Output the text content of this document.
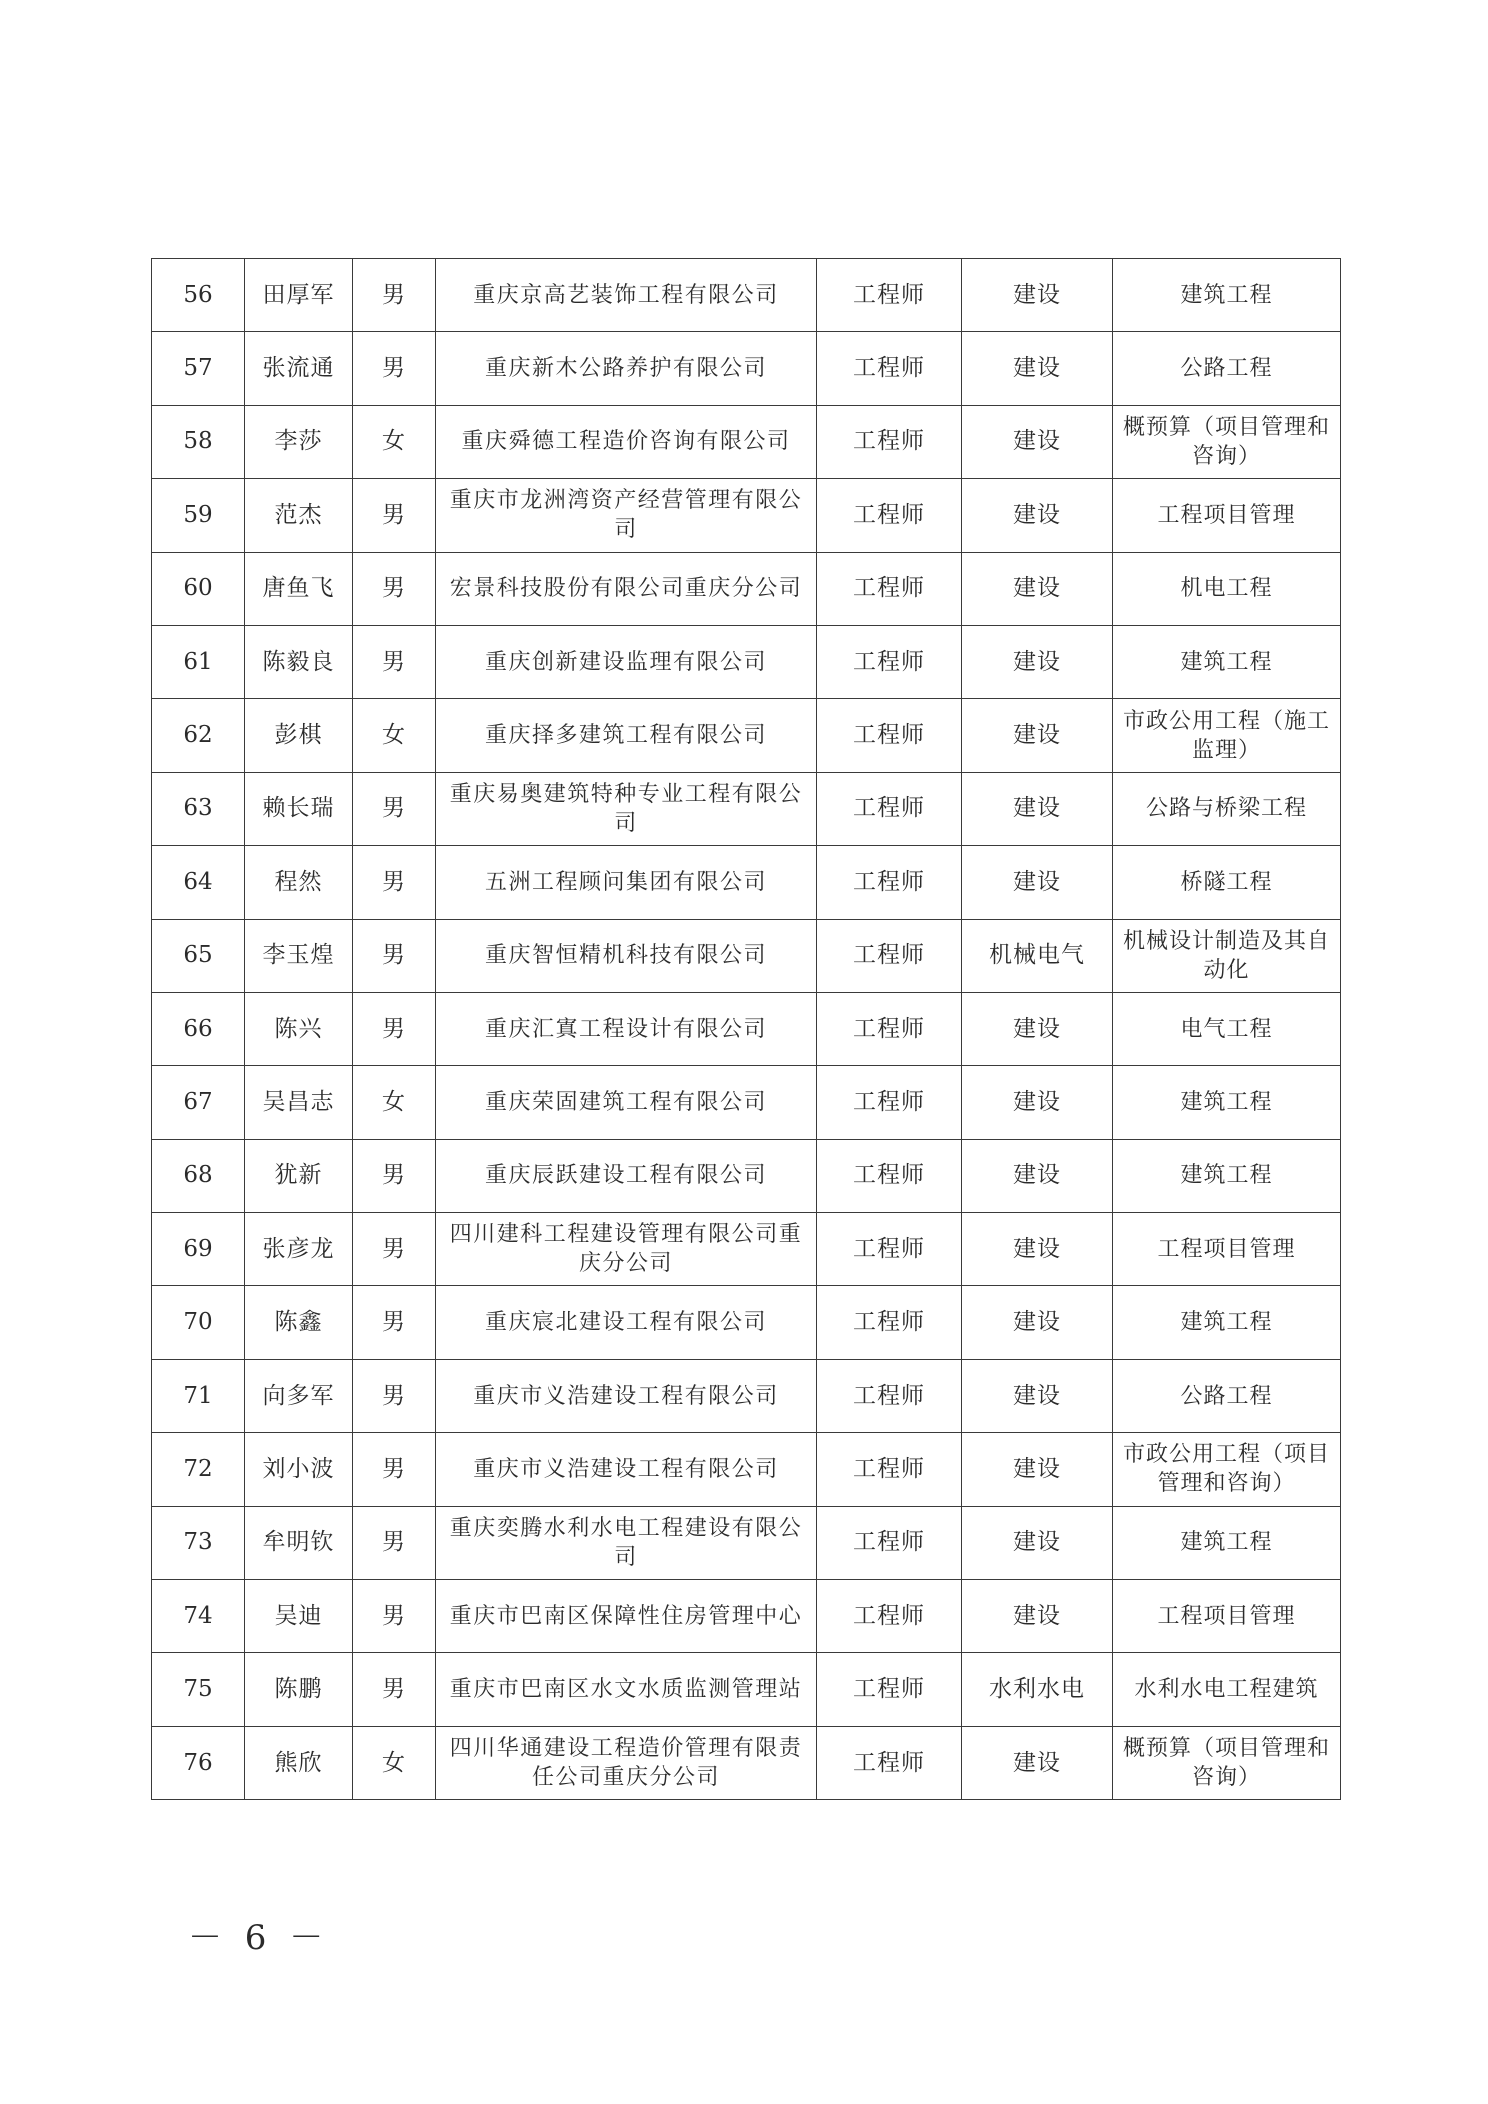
56	田厚军	男	重庆京高艺装饰工程有限公司	工程师	建设	建筑工程
57	张流通	男	重庆新木公路养护有限公司	工程师	建设	公路工程
58	李莎	女	重庆舜德工程造价咨询有限公司	工程师	建设	概预算（项目管理和咨询）
59	范杰	男	重庆市龙洲湾资产经营管理有限公司	工程师	建设	工程项目管理
60	唐鱼飞	男	宏景科技股份有限公司重庆分公司	工程师	建设	机电工程
61	陈毅良	男	重庆创新建设监理有限公司	工程师	建设	建筑工程
62	彭棋	女	重庆择多建筑工程有限公司	工程师	建设	市政公用工程（施工监理）
63	赖长瑞	男	重庆易奥建筑特种专业工程有限公司	工程师	建设	公路与桥梁工程
64	程然	男	五洲工程顾问集团有限公司	工程师	建设	桥隧工程
65	李玉煌	男	重庆智恒精机科技有限公司	工程师	机械电气	机械设计制造及其自动化
66	陈兴	男	重庆汇寘工程设计有限公司	工程师	建设	电气工程
67	吴昌志	女	重庆荣固建筑工程有限公司	工程师	建设	建筑工程
68	犹新	男	重庆辰跃建设工程有限公司	工程师	建设	建筑工程
69	张彦龙	男	四川建科工程建设管理有限公司重庆分公司	工程师	建设	工程项目管理
70	陈鑫	男	重庆宸北建设工程有限公司	工程师	建设	建筑工程
71	向多军	男	重庆市义浩建设工程有限公司	工程师	建设	公路工程
72	刘小波	男	重庆市义浩建设工程有限公司	工程师	建设	市政公用工程（项目管理和咨询）
73	牟明钦	男	重庆奕腾水利水电工程建设有限公司	工程师	建设	建筑工程
74	吴迪	男	重庆市巴南区保障性住房管理中心	工程师	建设	工程项目管理
75	陈鹏	男	重庆市巴南区水文水质监测管理站	工程师	水利水电	水利水电工程建筑
76	熊欣	女	四川华通建设工程造价管理有限责任公司重庆分公司	工程师	建设	概预算（项目管理和咨询）
－ 6 －
